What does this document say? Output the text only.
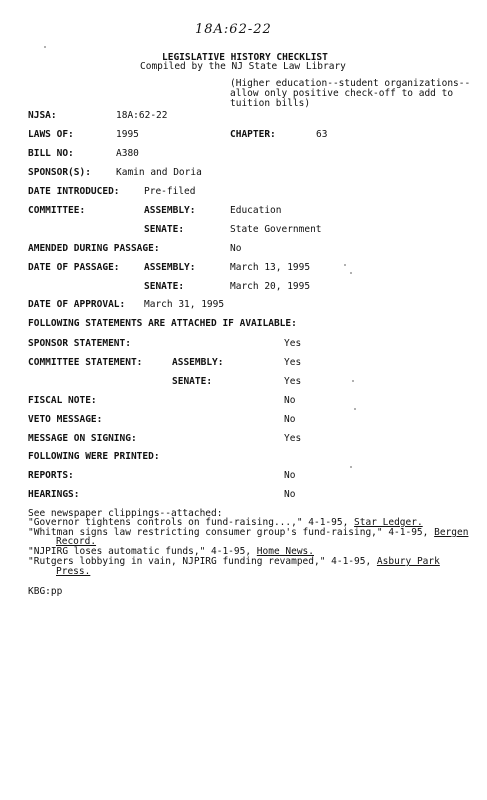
18A:62-22
LEGISLATIVE HISTORY CHECKLIST
Compiled by the NJ State Law Library
(Higher education--student organizations--
allow only positive check-off to add to
tuition bills)
NJSA:	18A:62-22
LAWS OF:	1995	CHAPTER:	63
BILL NO:	A380
SPONSOR(S):	Kamin and Doria
DATE INTRODUCED:	Pre-filed
COMMITTEE:	ASSEMBLY:	Education
SENATE:	State Government
AMENDED DURING PASSAGE:	No
DATE OF PASSAGE:	ASSEMBLY:	March 13, 1995
SENATE:	March 20, 1995
DATE OF APPROVAL: March 31, 1995
FOLLOWING STATEMENTS ARE ATTACHED IF AVAILABLE:
SPONSOR STATEMENT:	Yes
COMMITTEE STATEMENT:	ASSEMBLY:	Yes
SENATE:	Yes
FISCAL NOTE:	No
VETO MESSAGE:	No
MESSAGE ON SIGNING:	Yes
FOLLOWING WERE PRINTED:
REPORTS:	No
HEARINGS:	No
See newspaper clippings--attached:
"Governor tightens controls on fund-raising...," 4-1-95, Star Ledger.
"Whitman signs law restricting consumer group's fund-raising," 4-1-95, Bergen
Record.
"NJPIRG loses automatic funds," 4-1-95, Home News.
"Rutgers lobbying in vain, NJPIRG funding revamped," 4-1-95, Asbury Park
Press.
KBG:pp
